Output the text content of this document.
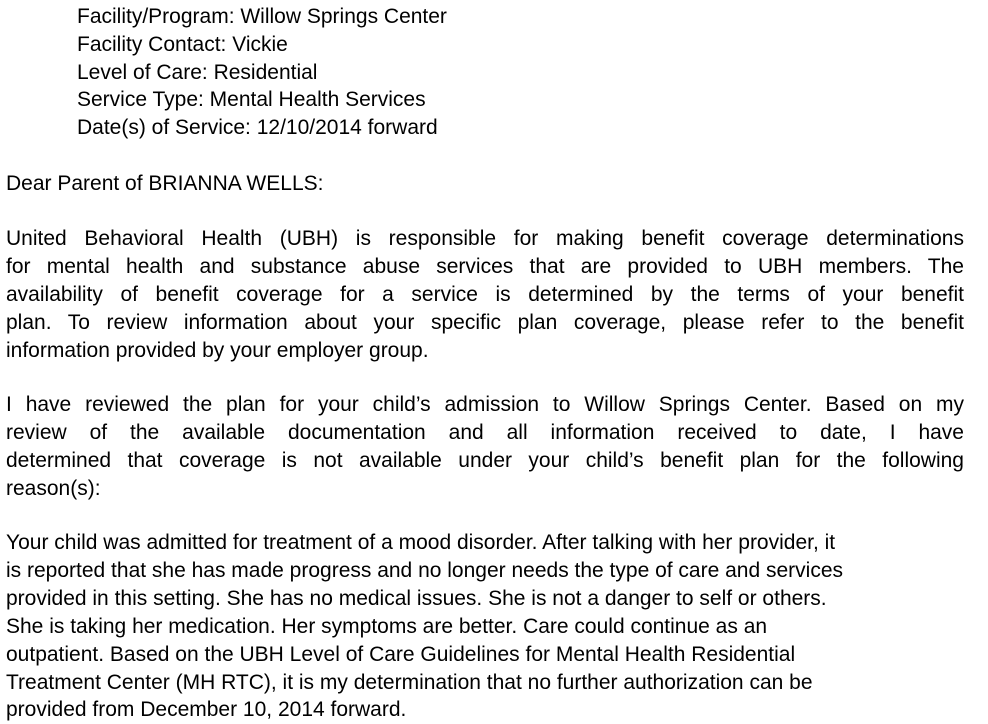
Facility/Program: Willow Springs Center
Facility Contact: Vickie
Level of Care: Residential
Service Type: Mental Health Services
Date(s) of Service: 12/10/2014 forward
Dear Parent of BRIANNA WELLS:

United Behavioral Health (UBH) is responsible for making benefit coverage determinations
for mental health and substance abuse services that are provided to UBH members. The
availability of benefit coverage for a service is determined by the terms of your benefit
plan. To review information about your specific plan coverage, please refer to the benefit
information provided by your employer group.

I have reviewed the plan for your child’s admission to Willow Springs Center. Based on my
review of the available documentation and all information received to date, I have
determined that coverage is not available under your child’s benefit plan for the following
reason(s):

Your child was admitted for treatment of a mood disorder. After talking with her provider, it
is reported that she has made progress and no longer needs the type of care and services
provided in this setting. She has no medical issues. She is not a danger to self or others.
She is taking her medication. Her symptoms are better. Care could continue as an
outpatient. Based on the UBH Level of Care Guidelines for Mental Health Residential
Treatment Center (MH RTC), it is my determination that no further authorization can be
provided from December 10, 2014 forward.
